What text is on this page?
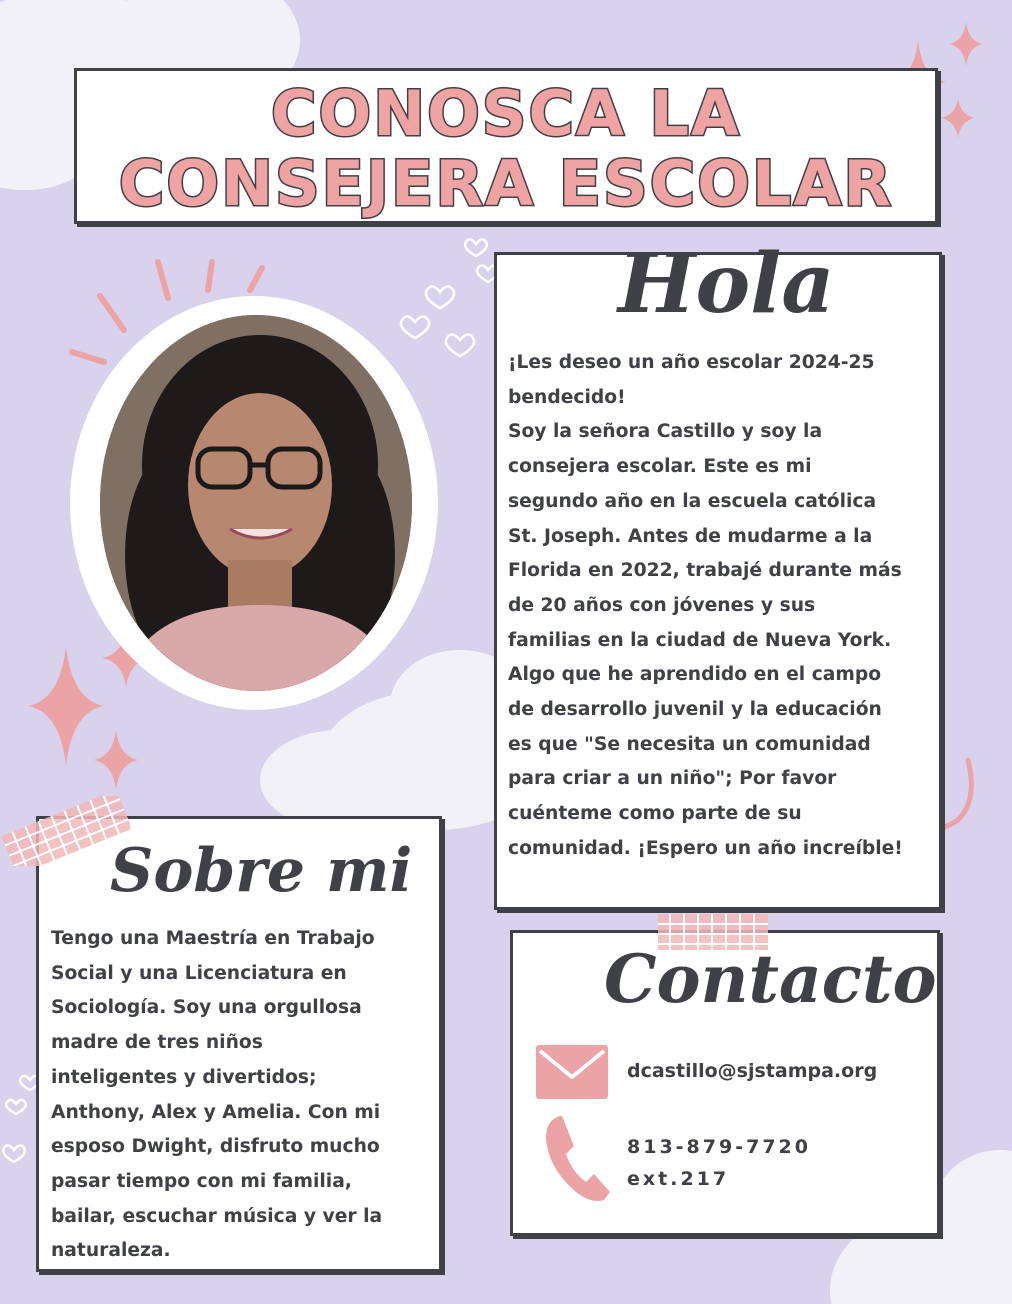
CONOSCA LA
CONSEJERA ESCOLAR
Hola
¡Les deseo un año escolar 2024-25
bendecido!
Soy la señora Castillo y soy la
consejera escolar. Este es mi
segundo año en la escuela católica
St. Joseph. Antes de mudarme a la
Florida en 2022, trabajé durante más
de 20 años con jóvenes y sus
familias en la ciudad de Nueva York.
Algo que he aprendido en el campo
de desarrollo juvenil y la educación
es que "Se necesita un comunidad
para criar a un niño"; Por favor
cuénteme como parte de su
comunidad. ¡Espero un año increíble!
Sobre mi
Tengo una Maestría en Trabajo
Social y una Licenciatura en
Sociología. Soy una orgullosa
madre de tres niños
inteligentes y divertidos;
Anthony, Alex y Amelia. Con mi
esposo Dwight, disfruto mucho
pasar tiempo con mi familia,
bailar, escuchar música y ver la
naturaleza.
Contacto
dcastillo@sjstampa.org
813-879-7720
ext.217
